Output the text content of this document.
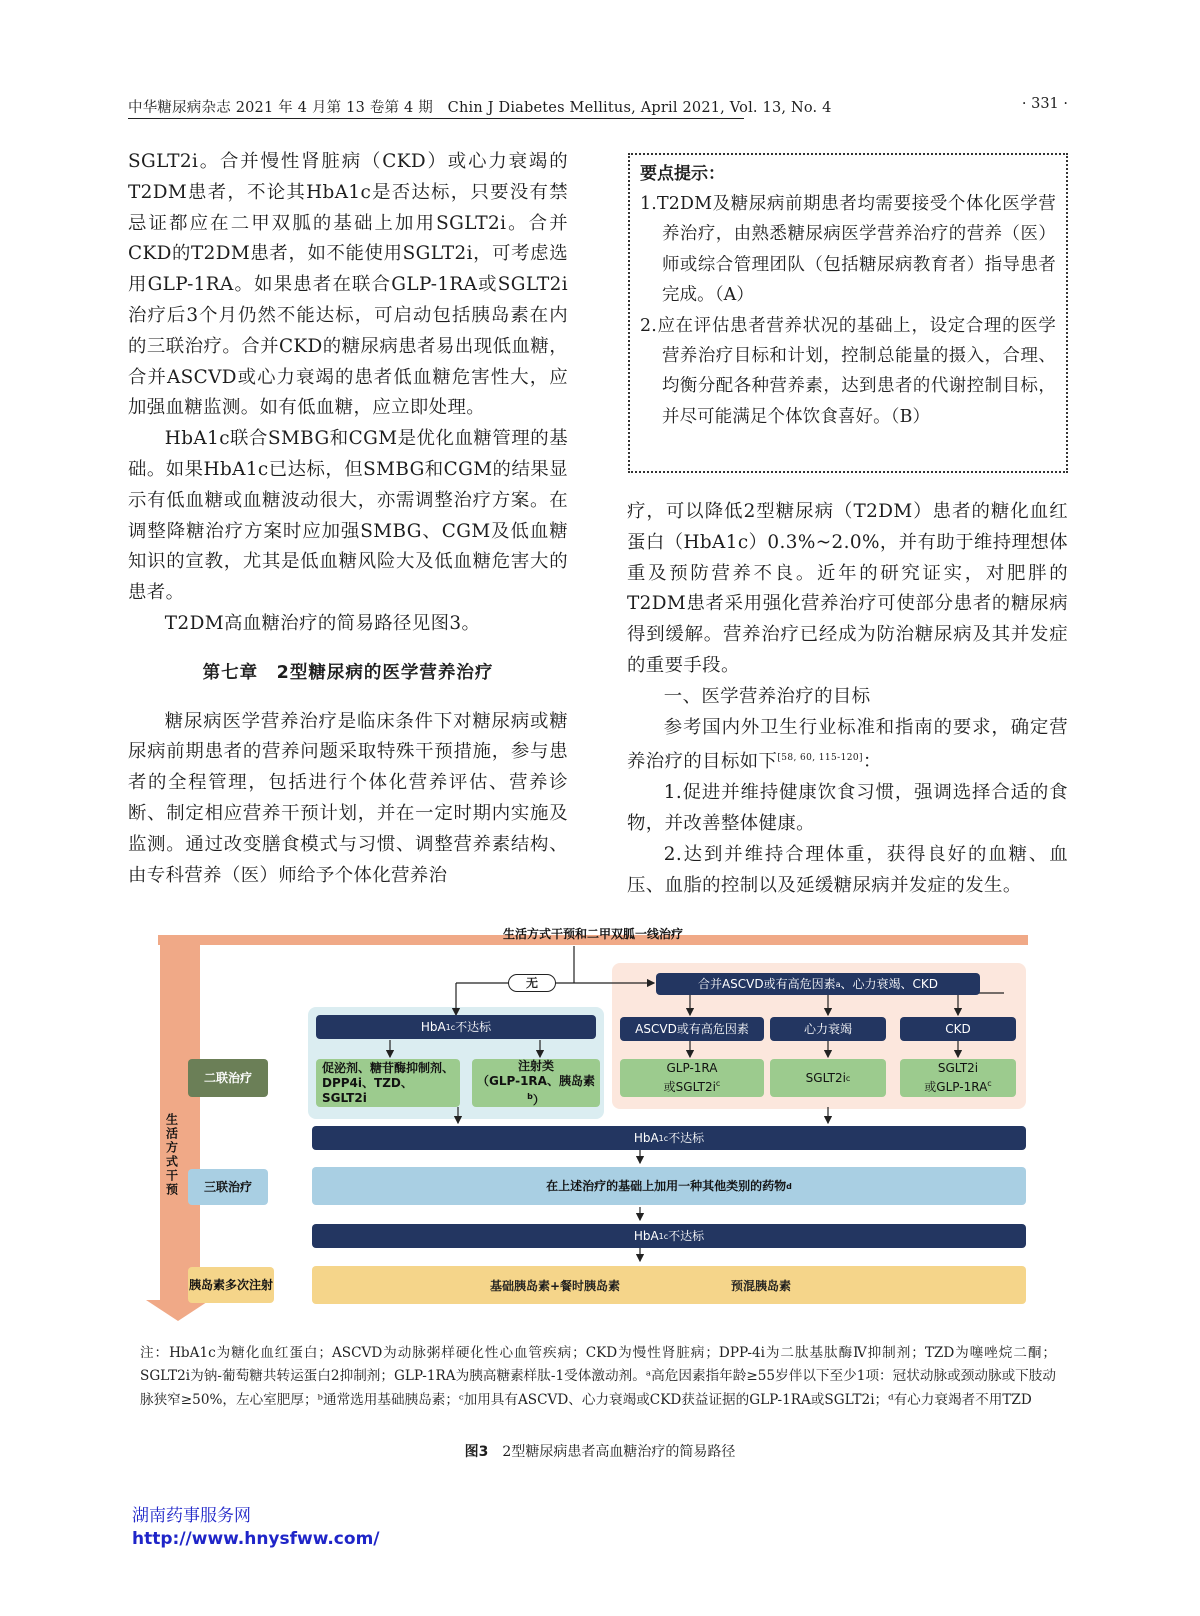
中华糖尿病杂志 2021 年 4 月第 13 卷第 4 期　Chin J Diabetes Mellitus, April 2021, Vol. 13, No. 4	· 331 ·

SGLT2i。合并慢性肾脏病（CKD）或心力衰竭的T2DM患者，不论其HbA1c是否达标，只要没有禁忌证都应在二甲双胍的基础上加用SGLT2i。合并CKD的T2DM患者，如不能使用SGLT2i，可考虑选用GLP-1RA。如果患者在联合GLP-1RA或SGLT2i治疗后3个月仍然不能达标，可启动包括胰岛素在内的三联治疗。合并CKD的糖尿病患者易出现低血糖，合并ASCVD或心力衰竭的患者低血糖危害性大，应加强血糖监测。如有低血糖，应立即处理。

HbA1c联合SMBG和CGM是优化血糖管理的基础。如果HbA1c已达标，但SMBG和CGM的结果显示有低血糖或血糖波动很大，亦需调整治疗方案。在调整降糖治疗方案时应加强SMBG、CGM及低血糖知识的宣教，尤其是低血糖风险大及低血糖危害大的患者。

T2DM高血糖治疗的简易路径见图3。

第七章　2型糖尿病的医学营养治疗

糖尿病医学营养治疗是临床条件下对糖尿病或糖尿病前期患者的营养问题采取特殊干预措施，参与患者的全程管理，包括进行个体化营养评估、营养诊断、制定相应营养干预计划，并在一定时期内实施及监测。通过改变膳食模式与习惯、调整营养素结构、由专科营养（医）师给予个体化营养治

要点提示：
1.T2DM及糖尿病前期患者均需要接受个体化医学营养治疗，由熟悉糖尿病医学营养治疗的营养（医）师或综合管理团队（包括糖尿病教育者）指导患者完成。（A）
2.应在评估患者营养状况的基础上，设定合理的医学营养治疗目标和计划，控制总能量的摄入，合理、均衡分配各种营养素，达到患者的代谢控制目标，并尽可能满足个体饮食喜好。（B）

疗，可以降低2型糖尿病（T2DM）患者的糖化血红蛋白（HbA1c）0.3%~2.0%，并有助于维持理想体重及预防营养不良。近年的研究证实，对肥胖的T2DM患者采用强化营养治疗可使部分患者的糖尿病得到缓解。营养治疗已经成为防治糖尿病及其并发症的重要手段。

一、医学营养治疗的目标

参考国内外卫生行业标准和指南的要求，确定营养治疗的目标如下[58, 60, 115-120]：

1.促进并维持健康饮食习惯，强调选择合适的食物，并改善整体健康。

2.达到并维持合理体重，获得良好的血糖、血压、血脂的控制以及延缓糖尿病并发症的发生。

生活方式干预和二甲双胍一线治疗
生活方式干预
无	合并ASCVD或有高危因素 a 、心力衰竭、CKD
HbA 1c 不达标
促泌剂、糖苷酶抑制剂、DPP4i、TZD、SGLT2i
注射类
（GLP-1RA、胰岛素$^b$）
ASCVD或有高危因素	心力衰竭	CKD
GLP-1RA
或$SGLT2i^c$	SGLT2i c
SGLT2i
或GLP-$1RA^c$
二联治疗
HbA 1c 不达标
三联治疗	在上述治疗的基础上加用一种其他类别的药物 d
HbA 1c 不达标
胰岛素多次注射	基础胰岛素+餐时胰岛素	预混胰岛素
注：HbA1c为糖化血红蛋白；ASCVD为动脉粥样硬化性心血管疾病；CKD为慢性肾脏病；DPP-4i为二肽基肽酶Ⅳ抑制剂；TZD为噻唑烷二酮；SGLT2i为钠-葡萄糖共转运蛋白2抑制剂；GLP-1RA为胰高糖素样肽-1受体激动剂。ᵃ高危因素指年龄≥55岁伴以下至少1项：冠状动脉或颈动脉或下肢动脉狭窄≥50%，左心室肥厚；ᵇ通常选用基础胰岛素；ᶜ加用具有ASCVD、心力衰竭或CKD获益证据的GLP-1RA或SGLT2i；ᵈ有心力衰竭者不用TZD
图3　 2型糖尿病患者高血糖治疗的简易路径
湖南药事服务网
http://www.hnysfww.com/
